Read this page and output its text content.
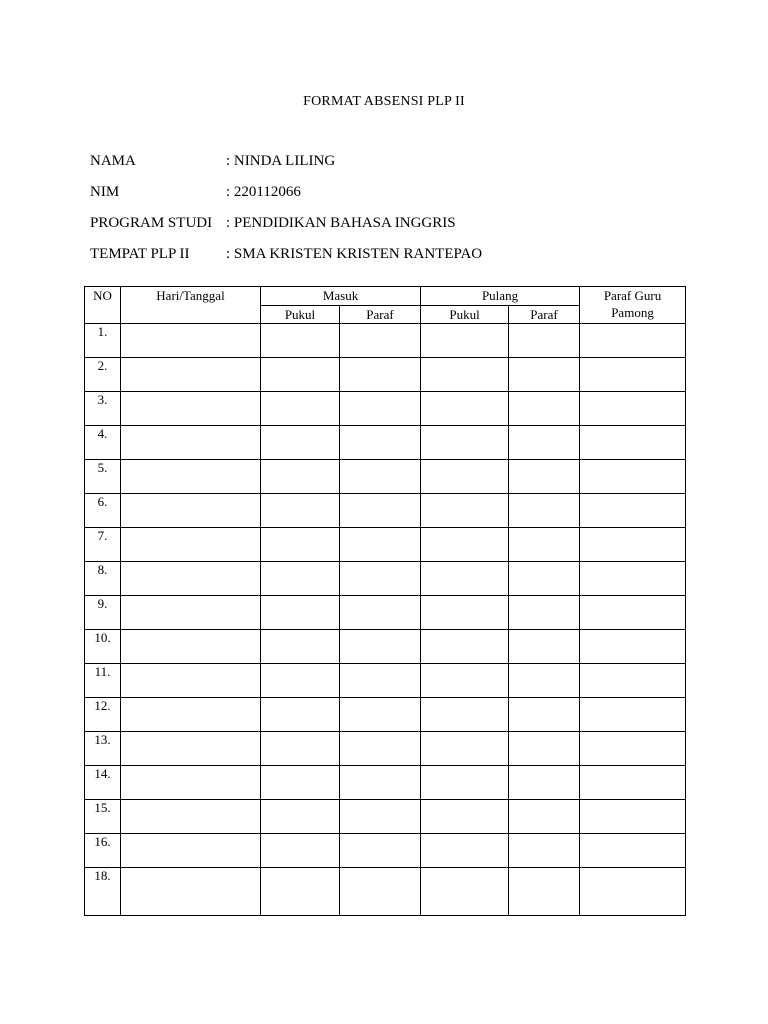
FORMAT ABSENSI PLP II
NAMA	: NINDA LILING
NIM	: 220112066
PROGRAM STUDI : PENDIDIKAN BAHASA INGGRIS
TEMPAT PLP II	: SMA KRISTEN KRISTEN RANTEPAO
NO	Hari/Tanggal	Masuk		Pulang		Paraf Guru
Pamong
		Pukul	Paraf	Pukul	Paraf	
1.						
2.						
3.						
4.						
5.						
6.						
7.						
8.						
9.						
10.						
11.						
12.						
13.						
14.						
15.						
16.						
18.						
